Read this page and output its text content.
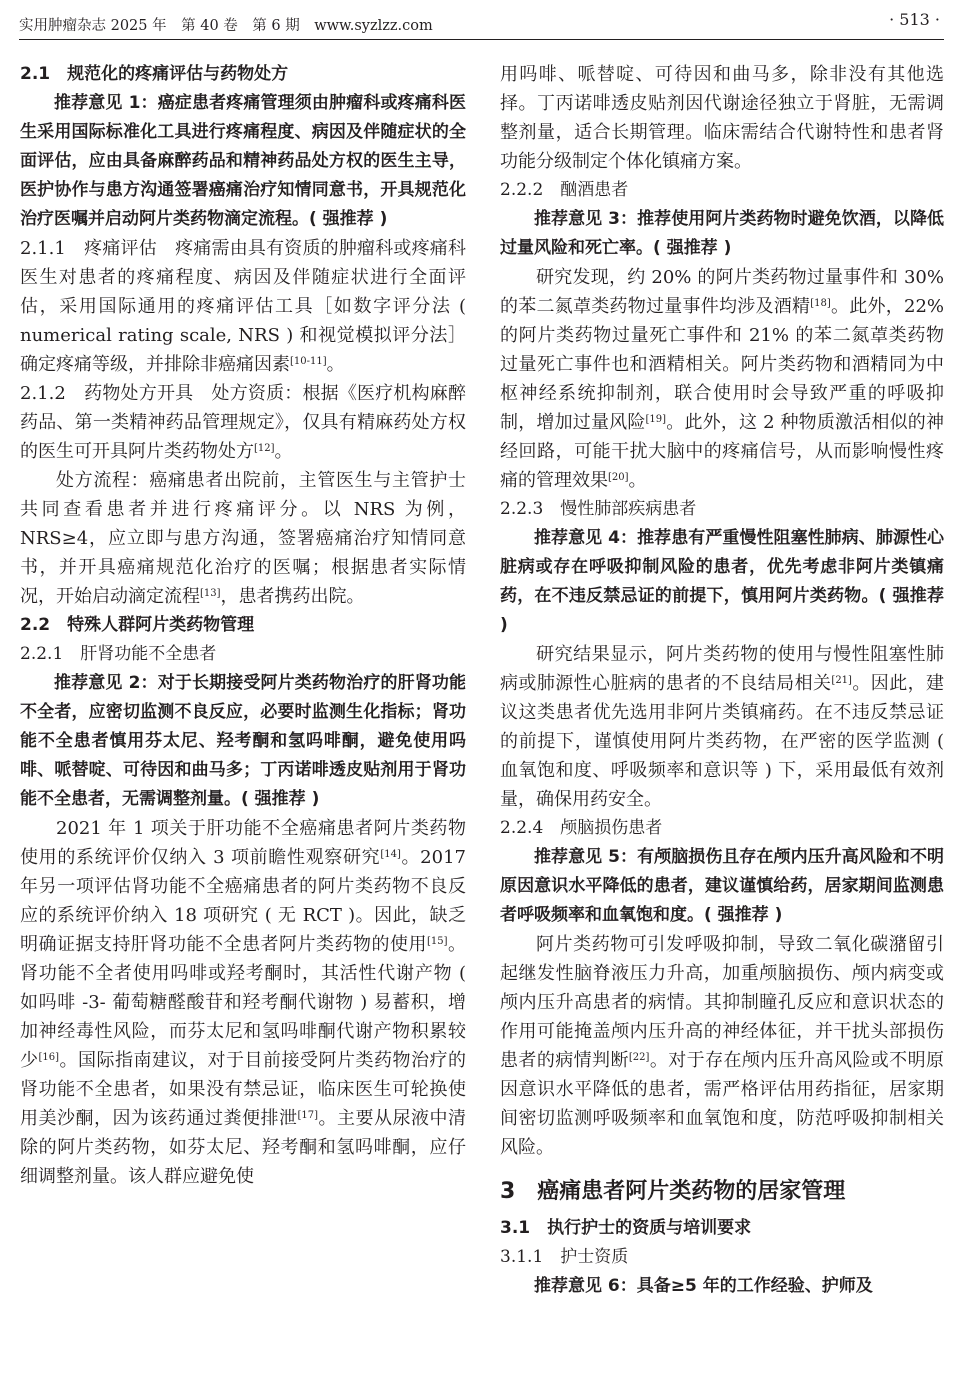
实用肿瘤杂志 2025 年　第 40 卷　第 6 期　www.syzlzz.com	· 513 ·

2.1　规范化的疼痛评估与药物处方

推荐意见 1：癌症患者疼痛管理须由肿瘤科或疼痛科医生采用国际标准化工具进行疼痛程度、病因及伴随症状的全面评估，应由具备麻醉药品和精神药品处方权的医生主导，医护协作与患方沟通签署癌痛治疗知情同意书，开具规范化治疗医嘱并启动阿片类药物滴定流程。( 强推荐 )

2.1.1　疼痛评估　疼痛需由具有资质的肿瘤科或疼痛科医生对患者的疼痛程度、病因及伴随症状进行全面评估，采用国际通用的疼痛评估工具［如数字评分法 ( numerical rating scale, NRS ) 和视觉模拟评分法］确定疼痛等级，并排除非癌痛因素[10-11]。

2.1.2　药物处方开具　处方资质：根据《医疗机构麻醉药品、第一类精神药品管理规定》，仅具有精麻药处方权的医生可开具阿片类药物处方[12]。

处方流程：癌痛患者出院前，主管医生与主管护士共同查看患者并进行疼痛评分。以 NRS 为例，NRS≥4，应立即与患方沟通，签署癌痛治疗知情同意书，并开具癌痛规范化治疗的医嘱；根据患者实际情况，开始启动滴定流程[13]，患者携药出院。

2.2　特殊人群阿片类药物管理

2.2.1　肝肾功能不全患者

推荐意见 2：对于长期接受阿片类药物治疗的肝肾功能不全者，应密切监测不良反应，必要时监测生化指标；肾功能不全患者慎用芬太尼、羟考酮和氢吗啡酮，避免使用吗啡、哌替啶、可待因和曲马多；丁丙诺啡透皮贴剂用于肾功能不全患者，无需调整剂量。( 强推荐 )

2021 年 1 项关于肝功能不全癌痛患者阿片类药物使用的系统评价仅纳入 3 项前瞻性观察研究[14]。2017 年另一项评估肾功能不全癌痛患者的阿片类药物不良反应的系统评价纳入 18 项研究 ( 无 RCT )。因此，缺乏明确证据支持肝肾功能不全患者阿片类药物的使用[15]。肾功能不全者使用吗啡或羟考酮时，其活性代谢产物 ( 如吗啡 -3- 葡萄糖醛酸苷和羟考酮代谢物 ) 易蓄积，增加神经毒性风险，而芬太尼和氢吗啡酮代谢产物积累较少[16]。国际指南建议，对于目前接受阿片类药物治疗的肾功能不全患者，如果没有禁忌证，临床医生可轮换使用美沙酮，因为该药通过粪便排泄[17]。主要从尿液中清除的阿片类药物，如芬太尼、羟考酮和氢吗啡酮，应仔细调整剂量。该人群应避免使

用吗啡、哌替啶、可待因和曲马多，除非没有其他选择。丁丙诺啡透皮贴剂因代谢途径独立于肾脏，无需调整剂量，适合长期管理。临床需结合代谢特性和患者肾功能分级制定个体化镇痛方案。

2.2.2　酗酒患者

推荐意见 3：推荐使用阿片类药物时避免饮酒，以降低过量风险和死亡率。( 强推荐 )

研究发现，约 20% 的阿片类药物过量事件和 30% 的苯二氮䓬类药物过量事件均涉及酒精[18]。此外，22% 的阿片类药物过量死亡事件和 21% 的苯二氮䓬类药物过量死亡事件也和酒精相关。阿片类药物和酒精同为中枢神经系统抑制剂，联合使用时会导致严重的呼吸抑制，增加过量风险[19]。此外，这 2 种物质激活相似的神经回路，可能干扰大脑中的疼痛信号，从而影响慢性疼痛的管理效果[20]。

2.2.3　慢性肺部疾病患者

推荐意见 4：推荐患有严重慢性阻塞性肺病、肺源性心脏病或存在呼吸抑制风险的患者，优先考虑非阿片类镇痛药，在不违反禁忌证的前提下，慎用阿片类药物。( 强推荐 )

研究结果显示，阿片类药物的使用与慢性阻塞性肺病或肺源性心脏病的患者的不良结局相关[21]。因此，建议这类患者优先选用非阿片类镇痛药。在不违反禁忌证的前提下，谨慎使用阿片类药物，在严密的医学监测 ( 血氧饱和度、呼吸频率和意识等 ) 下，采用最低有效剂量，确保用药安全。

2.2.4　颅脑损伤患者

推荐意见 5：有颅脑损伤且存在颅内压升高风险和不明原因意识水平降低的患者，建议谨慎给药，居家期间监测患者呼吸频率和血氧饱和度。( 强推荐 )

阿片类药物可引发呼吸抑制，导致二氧化碳潴留引起继发性脑脊液压力升高，加重颅脑损伤、颅内病变或颅内压升高患者的病情。其抑制瞳孔反应和意识状态的作用可能掩盖颅内压升高的神经体征，并干扰头部损伤患者的病情判断[22]。对于存在颅内压升高风险或不明原因意识水平降低的患者，需严格评估用药指征，居家期间密切监测呼吸频率和血氧饱和度，防范呼吸抑制相关风险。

3　癌痛患者阿片类药物的居家管理

3.1　执行护士的资质与培训要求

3.1.1　护士资质

推荐意见 6：具备≥5 年的工作经验、护师及
